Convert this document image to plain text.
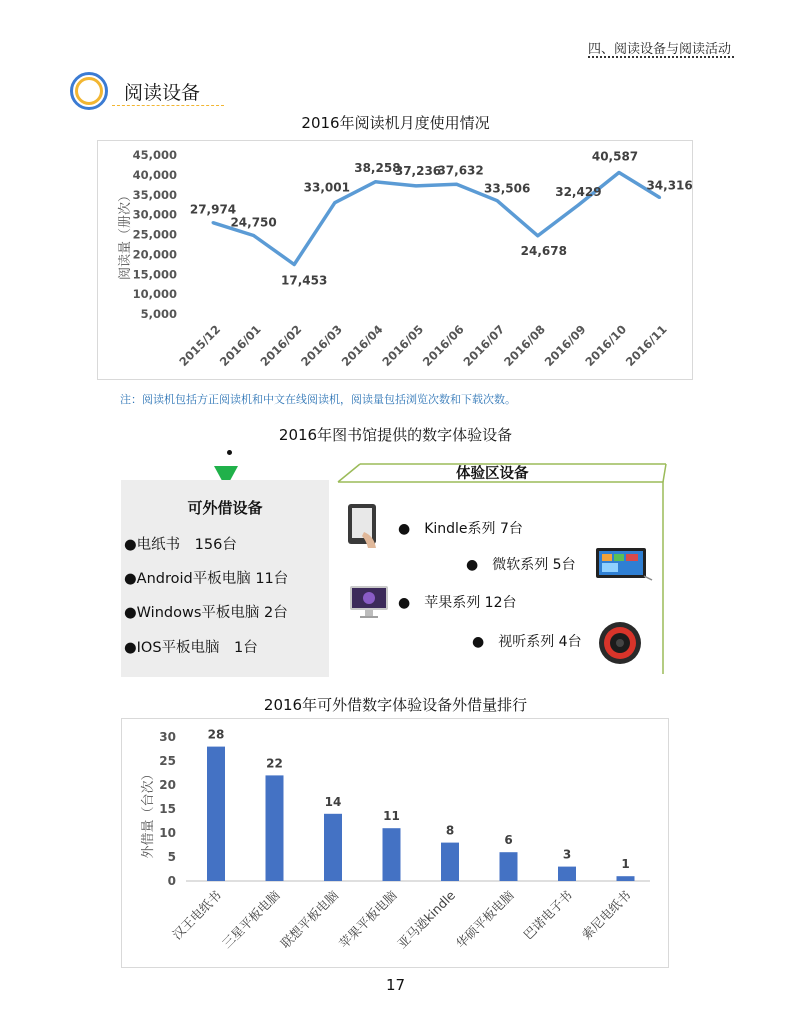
四、阅读设备与阅读活动
阅读设备
2016年阅读机月度使用情况
5,000
10,000
15,000
20,000
25,000
30,000
35,000
40,000
45,000
阅读量（册次）	27,974
24,750
17,453
33,001
38,258
37,236
37,632
33,506
24,678
32,429
40,587
34,316
2015/12
2016/01
2016/02
2016/03
2016/04
2016/05
2016/06
2016/07
2016/08
2016/09
2016/10
2016/11
注：阅读机包括方正阅读机和中文在线阅读机，阅读量包括浏览次数和下载次数。
2016年图书馆提供的数字体验设备
可外借设备
●电纸书　156台
●Android平板电脑 11台
●Windows平板电脑 2台
●IOS平板电脑　1台
体验区设备
●　Kindle系列 7台
●　微软系列 5台
●　苹果系列 12台
●　视听系列 4台
2016年可外借数字体验设备外借量排行
0
5
10
15
20
25
30
外借量（台次）
28
22
14
11
8
6
3
1
汉王电纸书
三星平板电脑
联想平板电脑
苹果平板电脑
亚马逊kindle
华硕平板电脑 巴诺电子书 索尼电纸书
17
